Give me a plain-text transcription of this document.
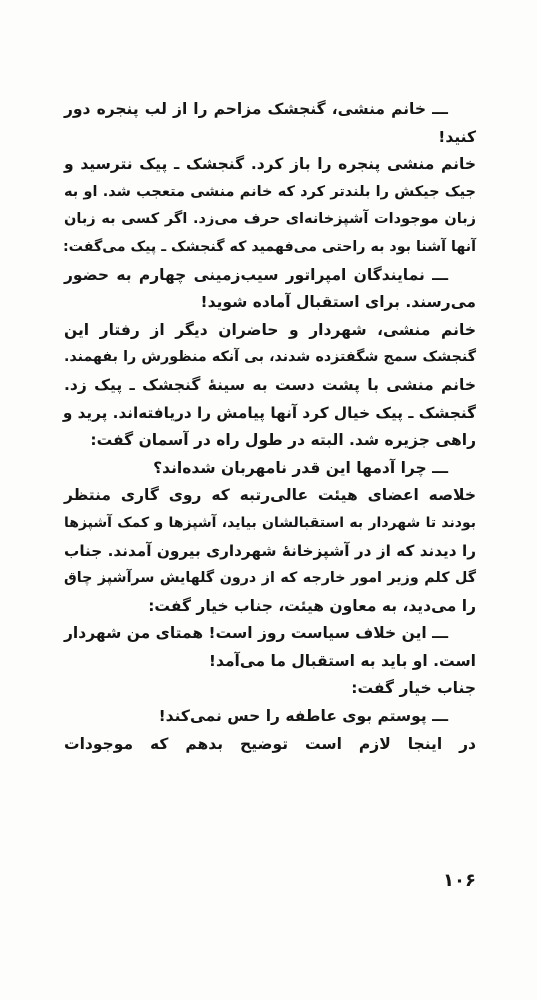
ـــ خانم منشی، گنجشک مزاحم را از لب پنجره دور
کنید!
خانم منشی پنجره را باز کرد. گنجشک ـ پیک نترسید و
جیک جیکش را بلندتر کرد که خانم منشی متعجب شد. او به
زبان موجودات آشپزخانه‌ای حرف می‌زد. اگر کسی به زبان
آنها آشنا بود به راحتی می‌فهمید که گنجشک ـ پیک می‌گفت:
ـــ نمایندگان امپراتور سیب‌زمینی چهارم به حضور
می‌رسند. برای استقبال آماده شوید!
خانم منشی، شهردار و حاضران دیگر از رفتار این
گنجشک سمج شگفتزده شدند، بی آنکه منظورش را بفهمند.
خانم منشی با پشت دست به سینهٔ گنجشک ـ پیک زد.
گنجشک ـ پیک خیال کرد آنها پیامش را دریافته‌اند. پرید و
راهی جزیره شد. البته در طول راه در آسمان گفت:
ـــ چرا آدمها این قدر نامهربان شده‌اند؟
خلاصه اعضای هیئت عالی‌رتبه که روی گاری منتظر
بودند تا شهردار به استقبالشان بیاید، آشپزها و کمک آشپزها
را دیدند که از در آشپزخانهٔ شهرداری بیرون آمدند. جناب
گل کلم وزیر امور خارجه که از درون گلهایش سرآشپز چاق
را می‌دید، به معاون هیئت، جناب خیار گفت:
ـــ این خلاف سیاست روز است! همتای من شهردار
است. او باید به استقبال ما می‌آمد!
جناب خیار گفت:
ـــ پوستم بوی عاطفه را حس نمی‌کند!
در اینجا لازم است توضیح بدهم که موجودات
۱۰۶
